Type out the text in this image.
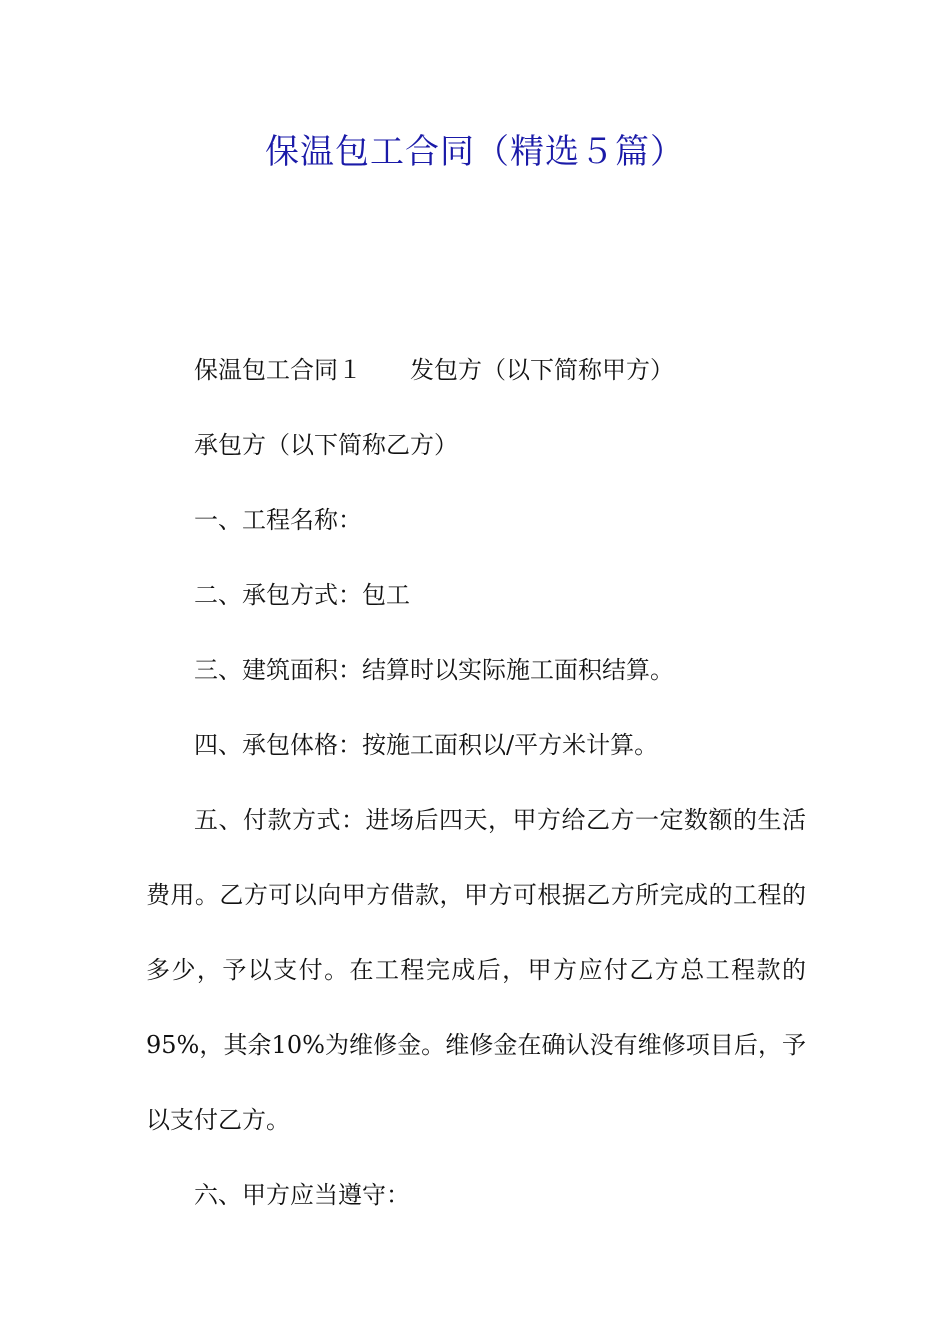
保温包工合同（精选５篇）

保温包工合同１ 发包方（以下简称甲方）

承包方（以下简称乙方）

一、工程名称：

二、承包方式：包工

三、建筑面积：结算时以实际施工面积结算。

四、承包体格：按施工面积以/平方米计算。

五、付款方式：进场后四天，甲方给乙方一定数额的生活费用。乙方可以向甲方借款，甲方可根据乙方所完成的工程的多少，予以支付。在工程完成后，甲方应付乙方总工程款的95%，其余10%为维修金。维修金在确认没有维修项目后，予以支付乙方。

六、甲方应当遵守：
